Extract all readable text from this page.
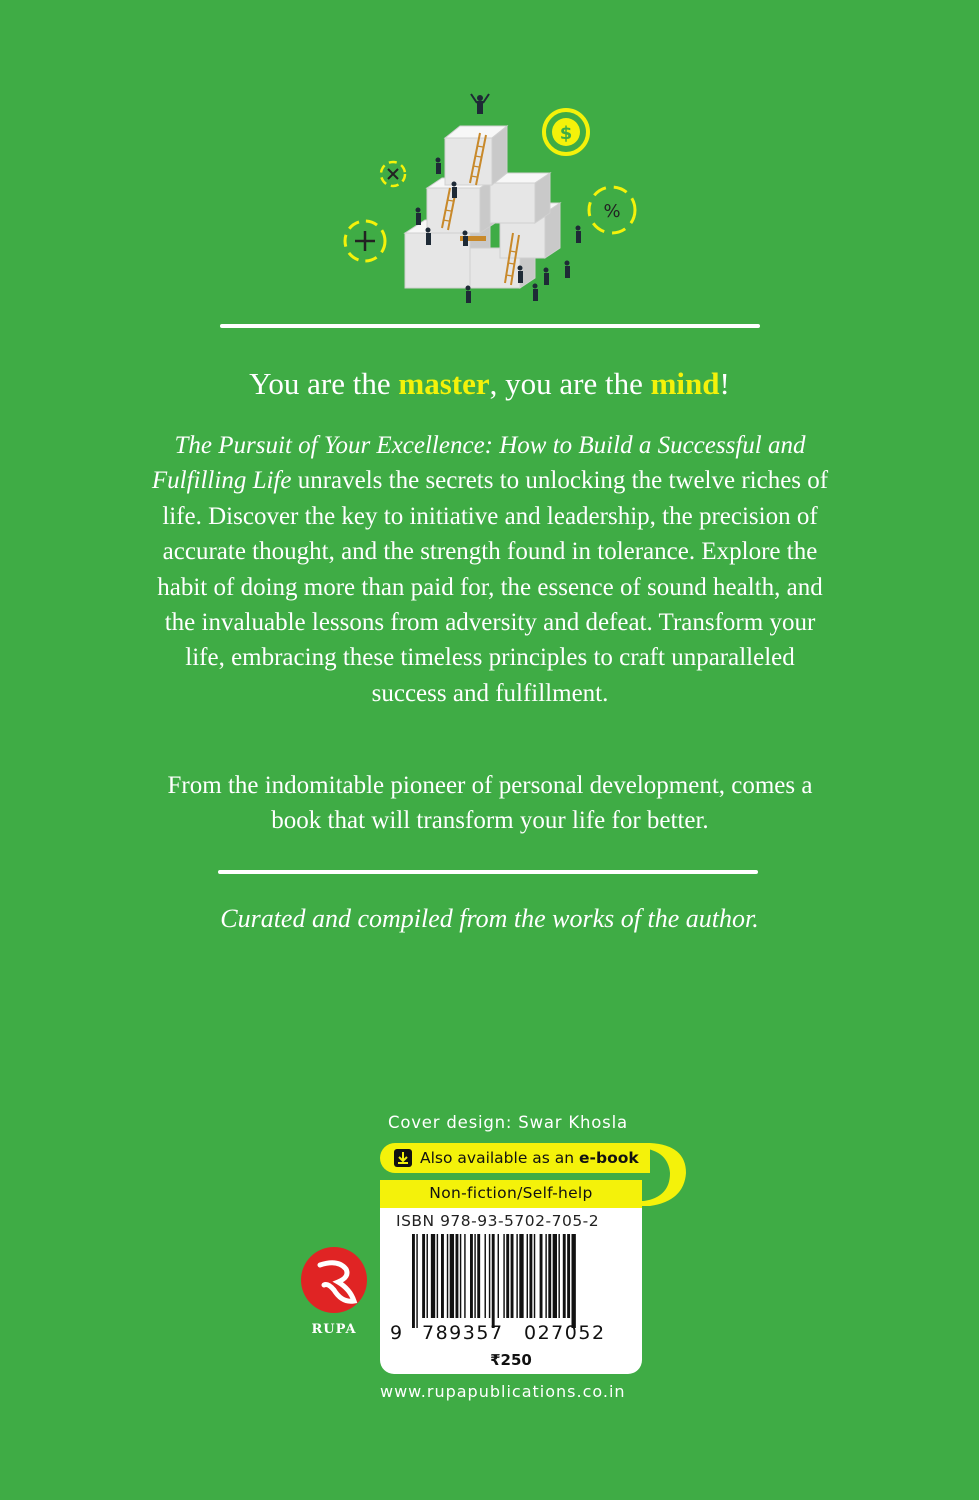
$
%
You are the master, you are the mind!
The Pursuit of Your Excellence: How to Build a Successful and Fulfilling Life unravels the secrets to unlocking the twelve riches of life. Discover the key to initiative and leadership, the precision of accurate thought, and the strength found in tolerance. Explore the habit of doing more than paid for, the essence of sound health, and the invaluable lessons from adversity and defeat. Transform your life, embracing these timeless principles to craft unparalleled success and fulfillment.
From the indomitable pioneer of personal development, comes a book that will transform your life for better.
Curated and compiled from the works of the author.
RUPA
Cover design: Swar Khosla
Also available as an e-book
Non-fiction/Self-help
ISBN 978-93-5702-705-2
9 789357 027052
₹250
www.rupapublications.co.in
